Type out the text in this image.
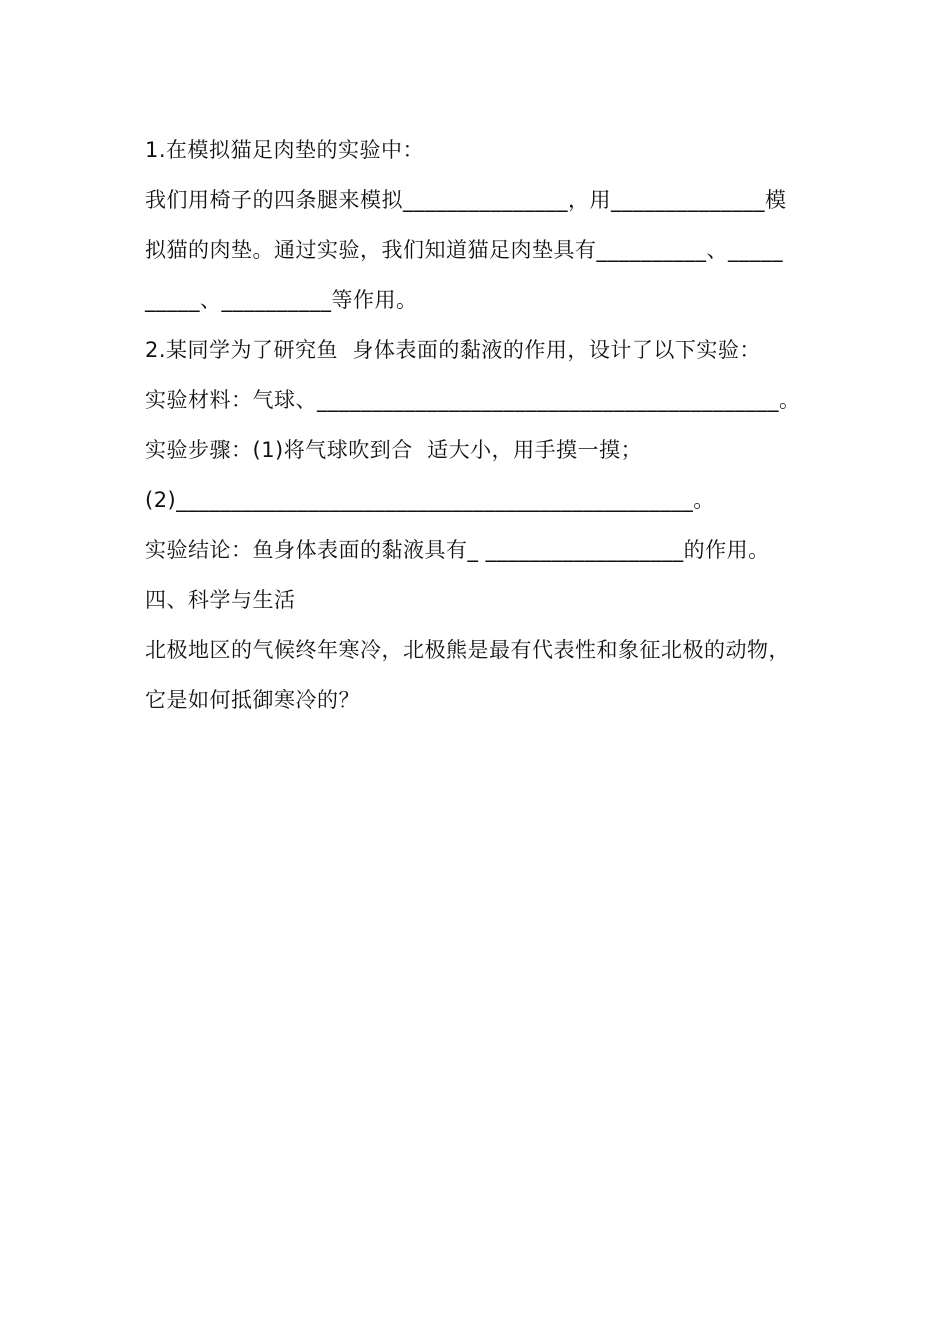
1.在模拟猫足肉垫的实验中：
我们用椅子的四条腿来模拟_______________，用______________模
拟猫的肉垫。通过实验，我们知道猫足肉垫具有__________、_____
_____、__________等作用。
2.某同学为了研究鱼  身体表面的黏液的作用，设计了以下实验：
实验材料：气球、__________________________________________。
实验步骤：(1)将气球吹到合  适大小，用手摸一摸；
(2)_______________________________________________。
实验结论：鱼身体表面的黏液具有_ __________________的作用。
四、科学与生活
北极地区的气候终年寒冷，北极熊是最有代表性和象征北极的动物，
它是如何抵御寒冷的？
